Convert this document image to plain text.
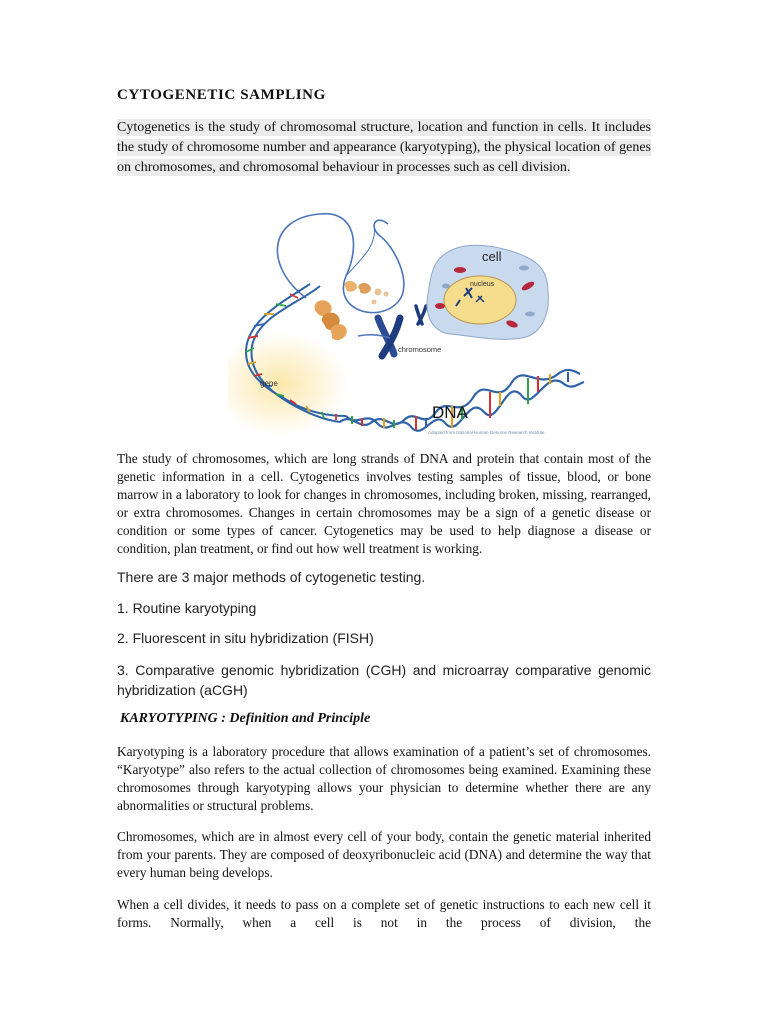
CYTOGENETIC SAMPLING
Cytogenetics is the study of chromosomal structure, location and function in cells. It includes the study of chromosome number and appearance (karyotyping), the physical location of genes on chromosomes, and chromosomal behaviour in processes such as cell division.
chromosome
cell
nucleus
gene
DNA
Adapted from National Human Genome Research Institute
The study of chromosomes, which are long strands of DNA and protein that contain most of the genetic information in a cell. Cytogenetics involves testing samples of tissue, blood, or bone marrow in a laboratory to look for changes in chromosomes, including broken, missing, rearranged, or extra chromosomes. Changes in certain chromosomes may be a sign of a genetic disease or condition or some types of cancer. Cytogenetics may be used to help diagnose a disease or condition, plan treatment, or find out how well treatment is working.
There are 3 major methods of cytogenetic testing.
1. Routine karyotyping
2. Fluorescent in situ hybridization (FISH)
3. Comparative genomic hybridization (CGH) and microarray comparative genomic hybridization (aCGH)
KARYOTYPING : Definition and Principle
Karyotyping is a laboratory procedure that allows examination of a patient’s set of chromosomes. “Karyotype” also refers to the actual collection of chromosomes being examined. Examining these chromosomes through karyotyping allows your physician to determine whether there are any abnormalities or structural problems.
Chromosomes, which are in almost every cell of your body, contain the genetic material inherited from your parents. They are composed of deoxyribonucleic acid (DNA) and determine the way that every human being develops.
When a cell divides, it needs to pass on a complete set of genetic instructions to each new cell it forms. Normally, when a cell is not in the process of division, the
